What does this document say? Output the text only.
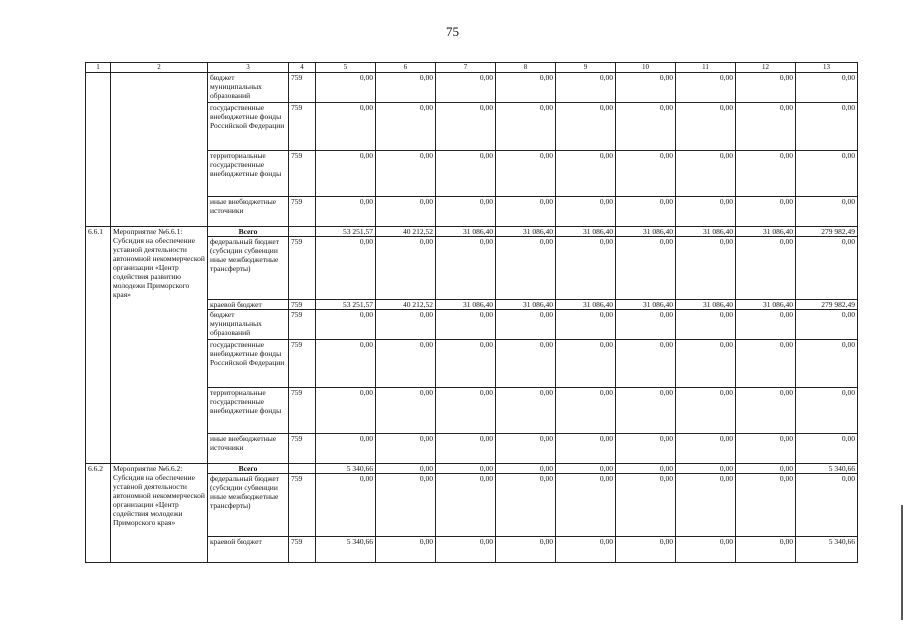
75
1	2	3	4	5	6	7	8	9	10	11	12	13
		бюджет муниципальных образований	759	0,00	0,00	0,00	0,00	0,00	0,00	0,00	0,00	0,00
		государственные внебюджетные фонды Российской Федерации	759	0,00	0,00	0,00	0,00	0,00	0,00	0,00	0,00	0,00
		территориальные государственные внебюджетные фонды	759	0,00	0,00	0,00	0,00	0,00	0,00	0,00	0,00	0,00
		иные внебюджетные источники	759	0,00	0,00	0,00	0,00	0,00	0,00	0,00	0,00	0,00
6.6.1	Мероприятие №6.6.1: Субсидия на обеспечение уставной деятельности автономной некоммерческой организации «Центр содействия развитию молодежи Приморского края»	Всего		53 251,57	40 212,52	31 086,40	31 086,40	31 086,40	31 086,40	31 086,40	31 086,40	279 982,49
		федеральный бюджет (субсидии субвенции иные межбюджетные трансферты)	759	0,00	0,00	0,00	0,00	0,00	0,00	0,00	0,00	0,00
		краевой бюджет	759	53 251,57	40 212,52	31 086,40	31 086,40	31 086,40	31 086,40	31 086,40	31 086,40	279 982,49
		бюджет муниципальных образований	759	0,00	0,00	0,00	0,00	0,00	0,00	0,00	0,00	0,00
		государственные внебюджетные фонды Российской Федерации	759	0,00	0,00	0,00	0,00	0,00	0,00	0,00	0,00	0,00
		территориальные государственные внебюджетные фонды	759	0,00	0,00	0,00	0,00	0,00	0,00	0,00	0,00	0,00
		иные внебюджетные источники	759	0,00	0,00	0,00	0,00	0,00	0,00	0,00	0,00	0,00
6.6.2	Мероприятие №6.6.2: Субсидия на обеспечение уставной деятельности автономной некоммерческой организации «Центр содействия молодежи Приморского края»	Всего		5 340,66	0,00	0,00	0,00	0,00	0,00	0,00	0,00	5 340,66
		федеральный бюджет (субсидии субвенции иные межбюджетные трансферты)	759	0,00	0,00	0,00	0,00	0,00	0,00	0,00	0,00	0,00
		краевой бюджет	759	5 340,66	0,00	0,00	0,00	0,00	0,00	0,00	0,00	5 340,66
